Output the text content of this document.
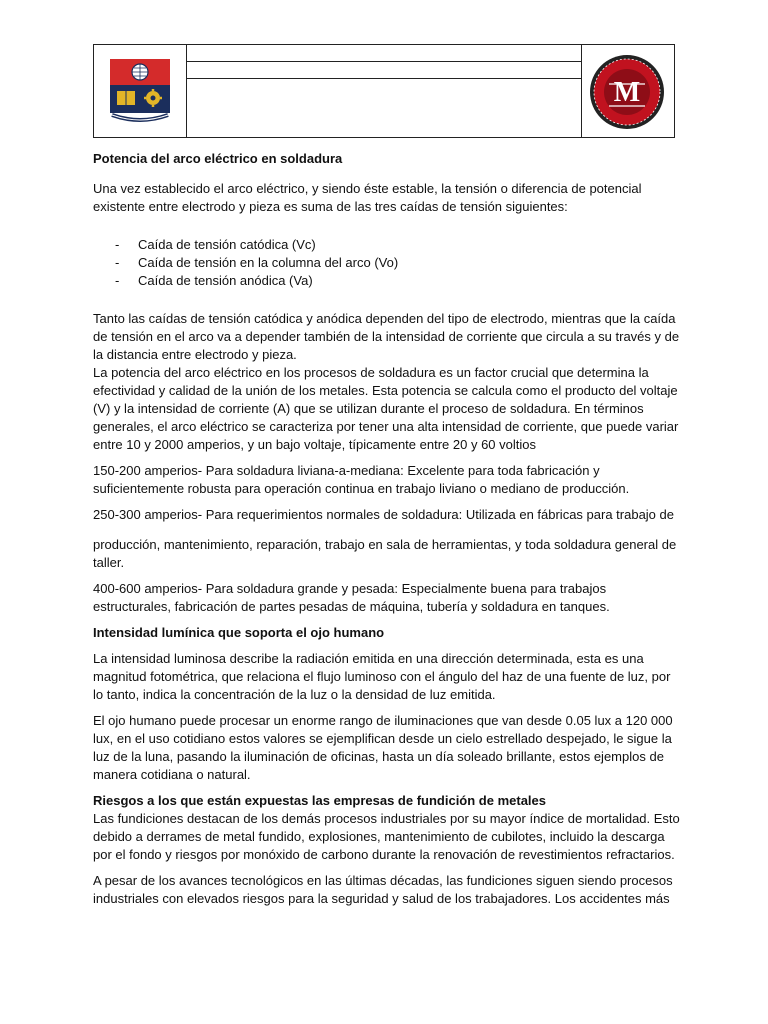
M

Potencia del arco eléctrico en soldadura

Una vez establecido el arco eléctrico, y siendo éste estable, la tensión o diferencia de potencial existente entre electrodo y pieza es suma de las tres caídas de tensión siguientes:

- Caída de tensión catódica (Vc)
- Caída de tensión en la columna del arco (Vo)
- Caída de tensión anódica (Va)

Tanto las caídas de tensión catódica y anódica dependen del tipo de electrodo, mientras que la caída de tensión en el arco va a depender también de la intensidad de corriente que circula a su través y de la distancia entre electrodo y pieza.

La potencia del arco eléctrico en los procesos de soldadura es un factor crucial que determina la efectividad y calidad de la unión de los metales. Esta potencia se calcula como el producto del voltaje (V) y la intensidad de corriente (A) que se utilizan durante el proceso de soldadura. En términos generales, el arco eléctrico se caracteriza por tener una alta intensidad de corriente, que puede variar entre 10 y 2000 amperios, y un bajo voltaje, típicamente entre 20 y 60 voltios

150-200 amperios- Para soldadura liviana-a-mediana: Excelente para toda fabricación y suficientemente robusta para operación continua en trabajo liviano o mediano de producción.

250-300 amperios- Para requerimientos normales de soldadura: Utilizada en fábricas para trabajo de

producción, mantenimiento, reparación, trabajo en sala de herramientas, y toda soldadura general de taller.

400-600 amperios- Para soldadura grande y pesada: Especialmente buena para trabajos estructurales, fabricación de partes pesadas de máquina, tubería y soldadura en tanques.

Intensidad lumínica que soporta el ojo humano

La intensidad luminosa describe la radiación emitida en una dirección determinada, esta es una magnitud fotométrica, que relaciona el flujo luminoso con el ángulo del haz de una fuente de luz, por lo tanto, indica la concentración de la luz o la densidad de luz emitida.

El ojo humano puede procesar un enorme rango de iluminaciones que van desde 0.05 lux a 120 000 lux, en el uso cotidiano estos valores se ejemplifican desde un cielo estrellado despejado, le sigue la luz de la luna, pasando la iluminación de oficinas, hasta un día soleado brillante, estos ejemplos de manera cotidiana o natural.

Riesgos a los que están expuestas las empresas de fundición de metales

Las fundiciones destacan de los demás procesos industriales por su mayor índice de mortalidad. Esto debido a derrames de metal fundido, explosiones, mantenimiento de cubilotes, incluido la descarga por el fondo y riesgos por monóxido de carbono durante la renovación de revestimientos refractarios.

A pesar de los avances tecnológicos en las últimas décadas, las fundiciones siguen siendo procesos industriales con elevados riesgos para la seguridad y salud de los trabajadores. Los accidentes más
